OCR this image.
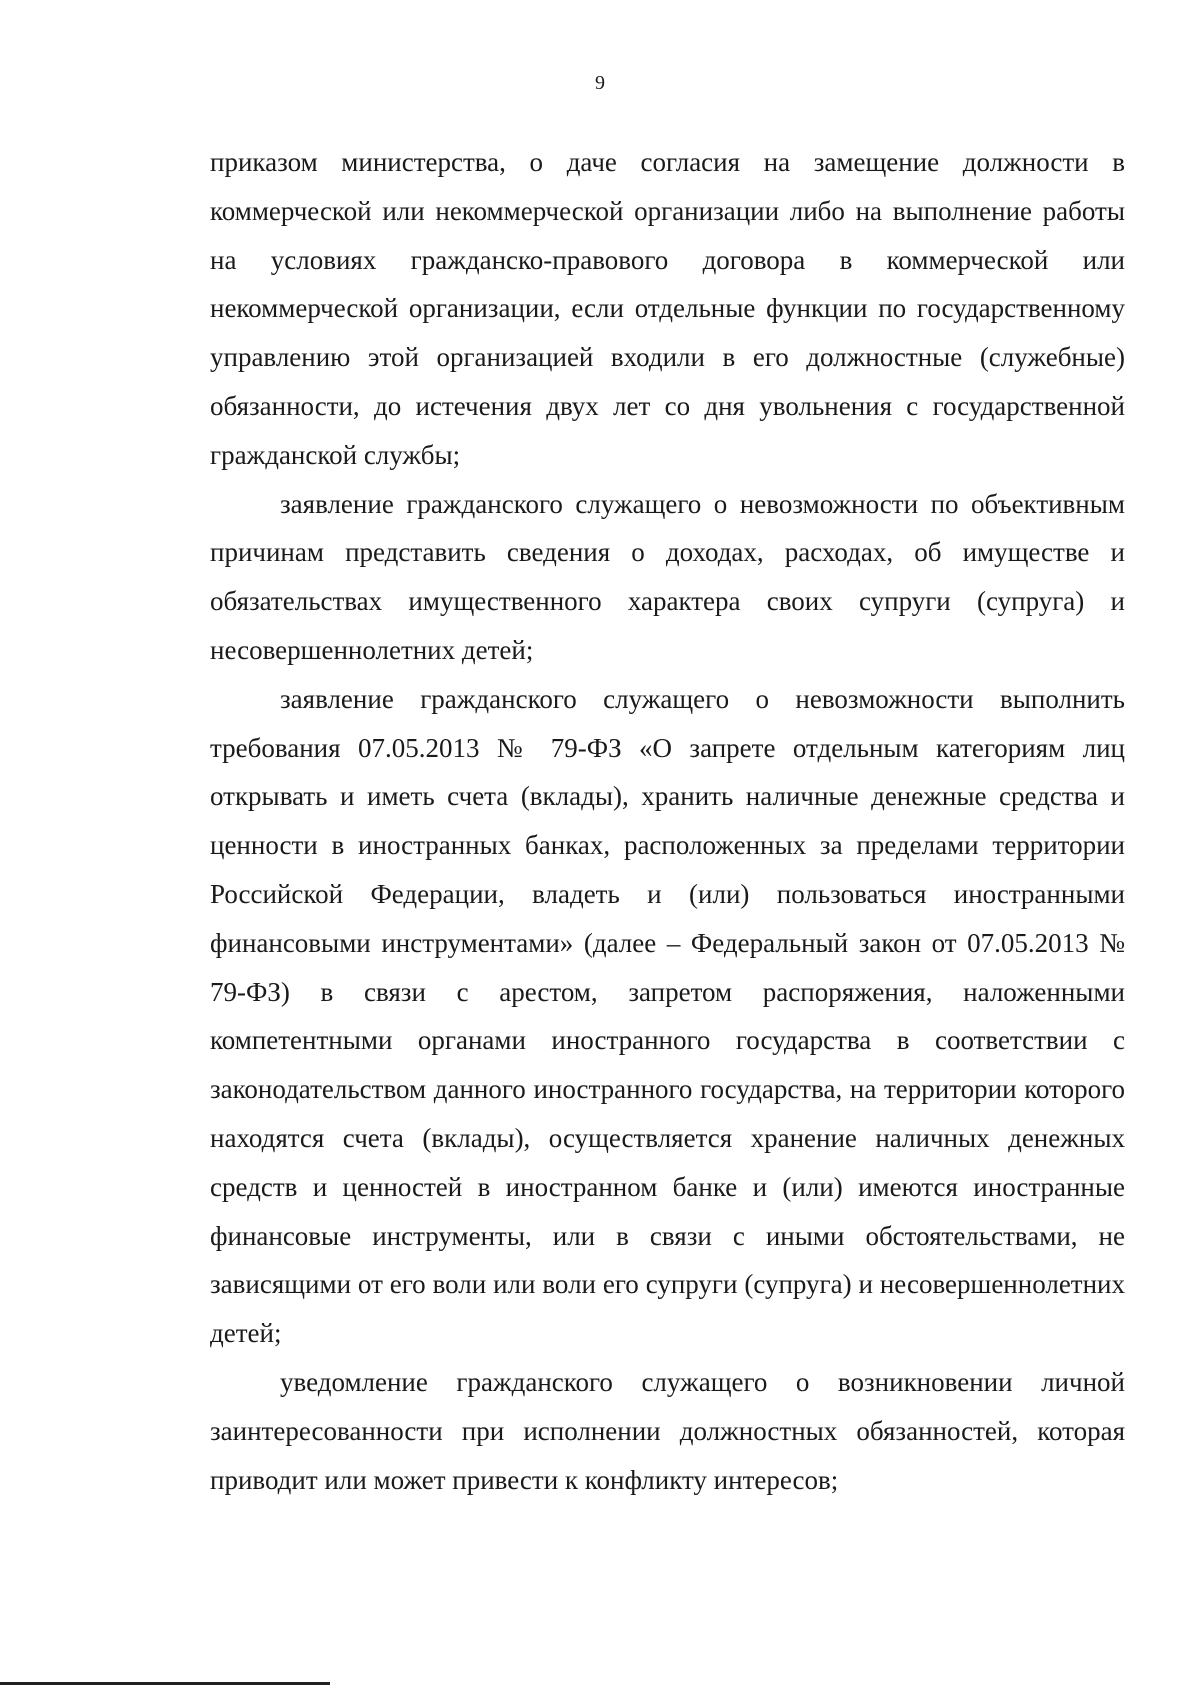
9

приказом министерства, о даче согласия на замещение должности в коммерческой или некоммерческой организации либо на выполнение работы на условиях гражданско-правового договора в коммерческой или некоммерческой организации, если отдельные функции по государственному управлению этой организацией входили в его должностные (служебные) обязанности, до истечения двух лет со дня увольнения с государственной гражданской службы;

заявление гражданского служащего о невозможности по объективным причинам представить сведения о доходах, расходах, об имуществе и обязательствах имущественного характера своих супруги (супруга) и несовершеннолетних детей;

заявление гражданского служащего о невозможности выполнить требования 07.05.2013 № 79-ФЗ «О запрете отдельным категориям лиц открывать и иметь счета (вклады), хранить наличные денежные средства и ценности в иностранных банках, расположенных за пределами территории Российской Федерации, владеть и (или) пользоваться иностранными финансовыми инструментами» (далее – Федеральный закон от 07.05.2013 № 79-ФЗ) в связи с арестом, запретом распоряжения, наложенными компетентными органами иностранного государства в соответствии с законодательством данного иностранного государства, на территории которого находятся счета (вклады), осуществляется хранение наличных денежных средств и ценностей в иностранном банке и (или) имеются иностранные финансовые инструменты, или в связи с иными обстоятельствами, не зависящими от его воли или воли его супруги (супруга) и несовершеннолетних детей;

уведомление гражданского служащего о возникновении личной заинтересованности при исполнении должностных обязанностей, которая приводит или может привести к конфликту интересов;
